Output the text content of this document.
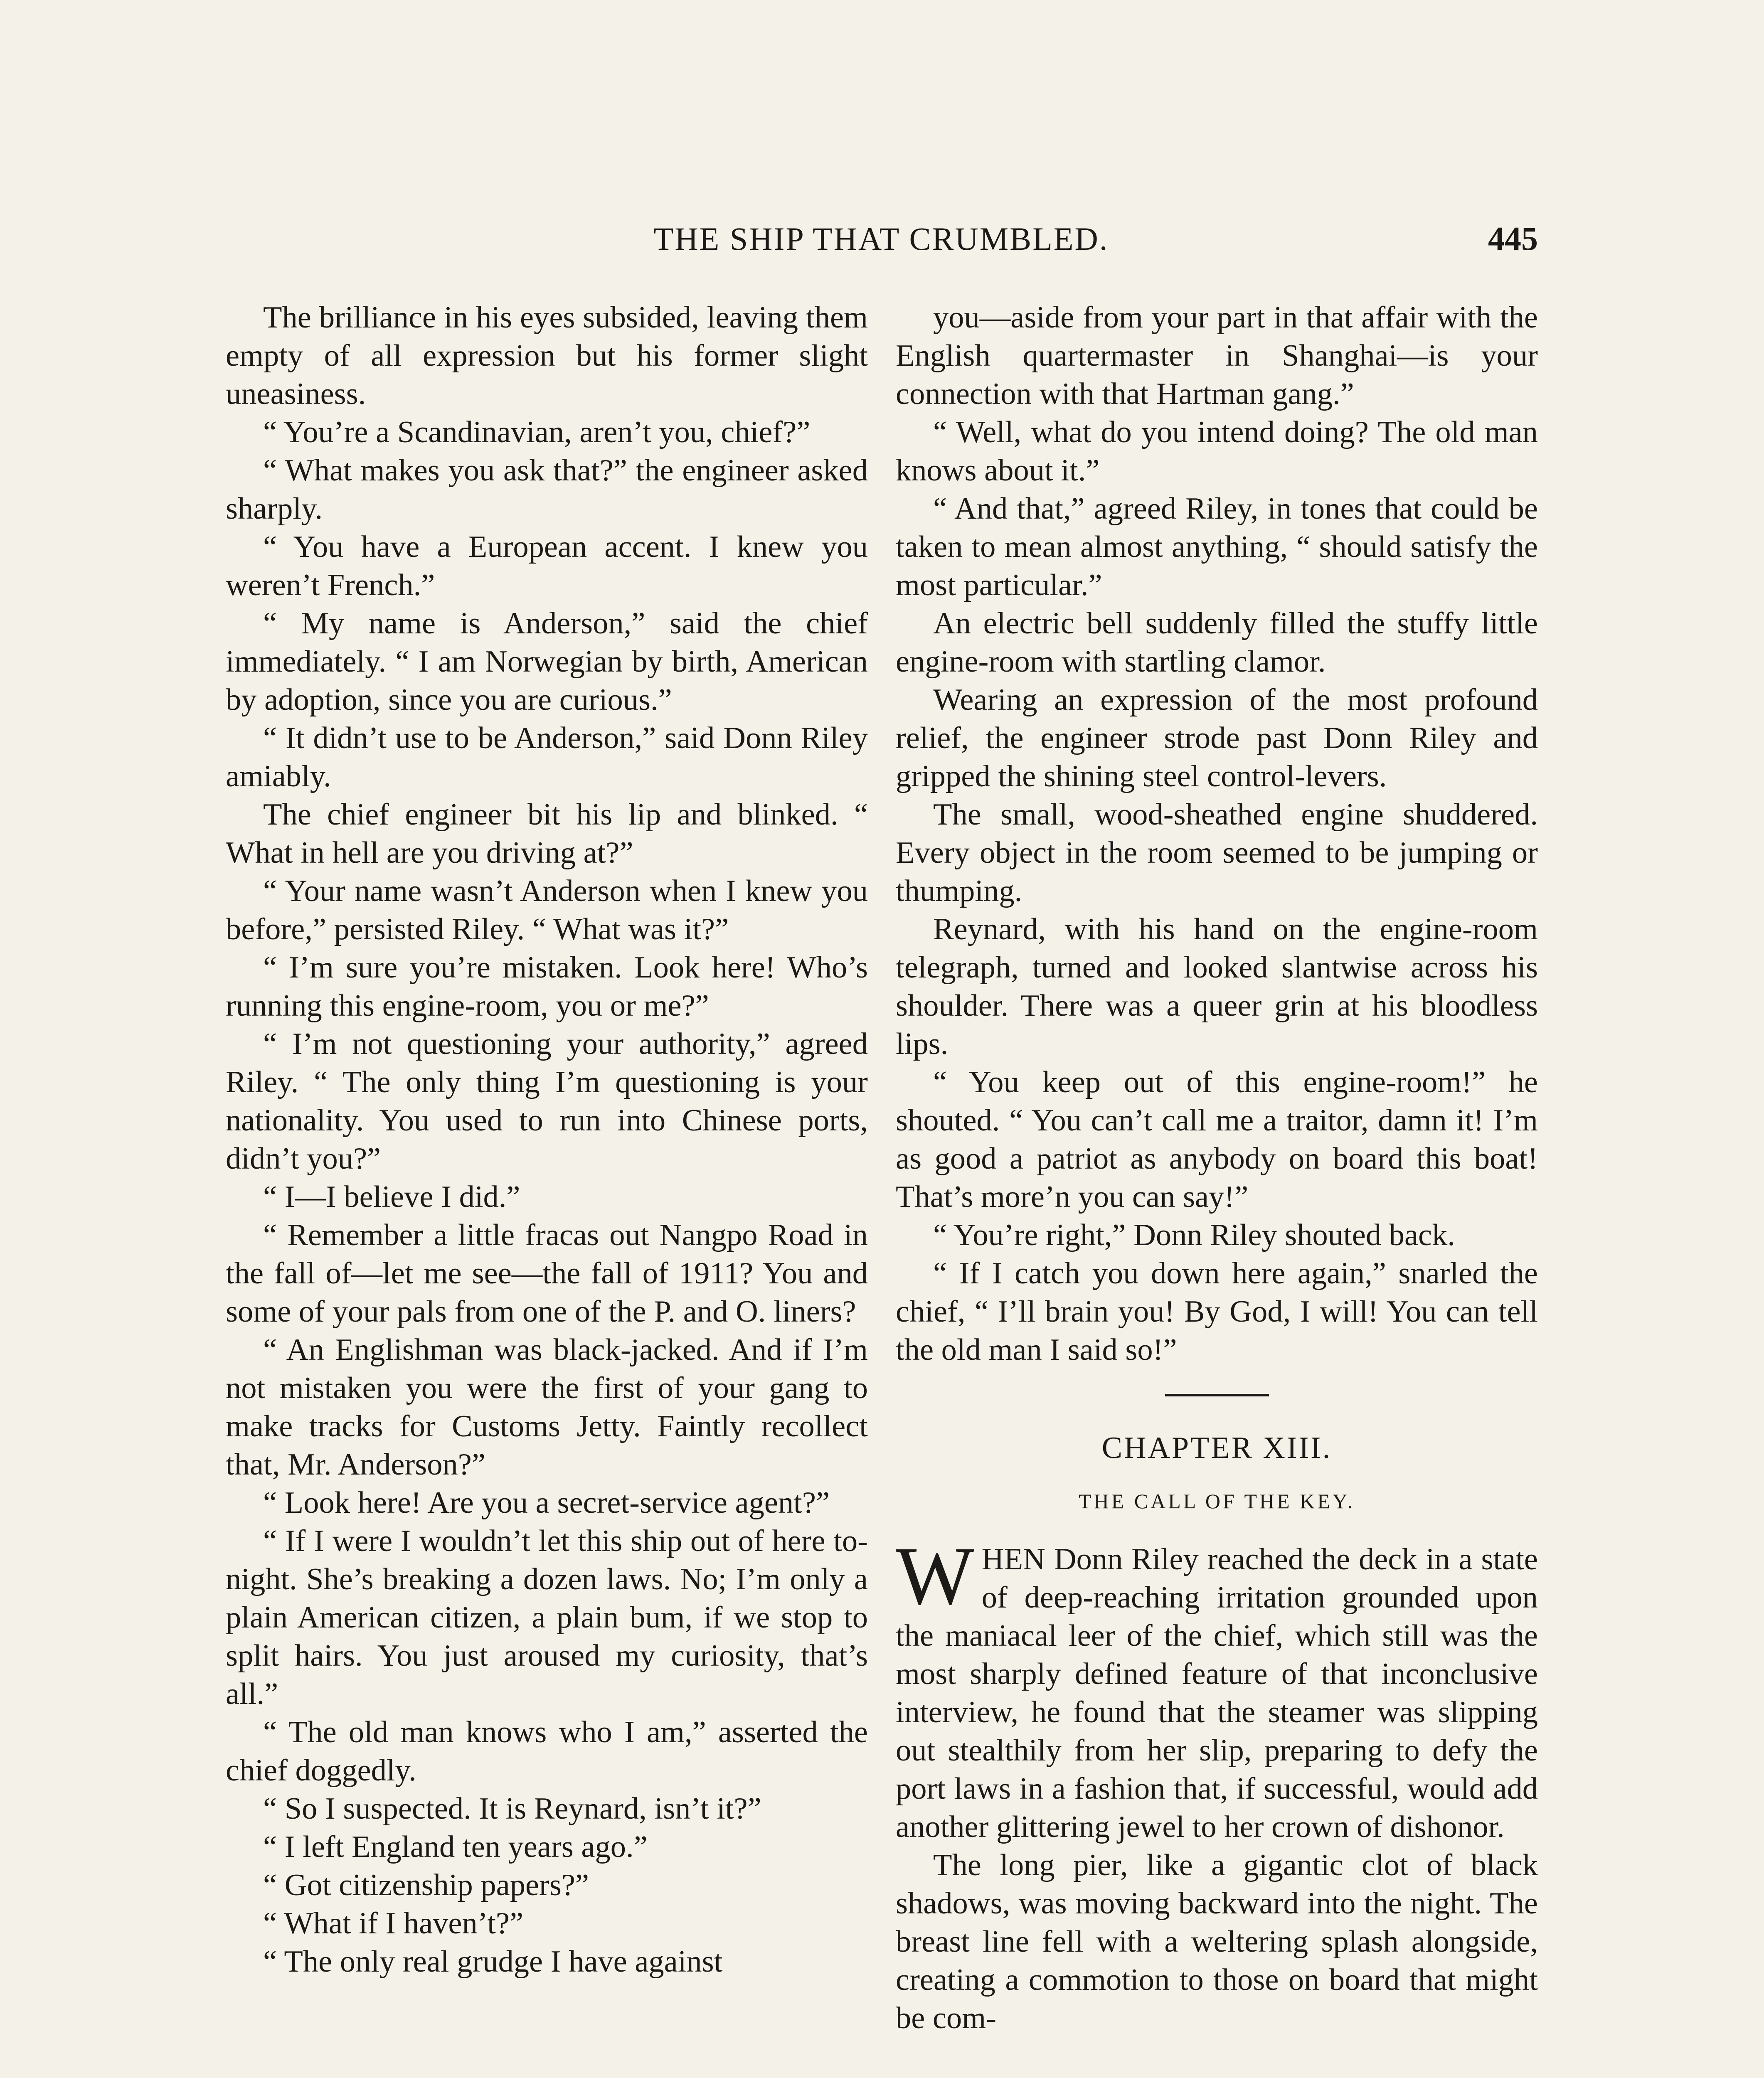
THE SHIP THAT CRUMBLED.	445

The brilliance in his eyes subsided, leaving them empty of all expression but his former slight uneasiness.

“ You’re a Scandinavian, aren’t you, chief?”

“ What makes you ask that?” the engineer asked sharply.

“ You have a European accent. I knew you weren’t French.”

“ My name is Anderson,” said the chief immediately. “ I am Norwegian by birth, American by adoption, since you are curious.”

“ It didn’t use to be Anderson,” said Donn Riley amiably.

The chief engineer bit his lip and blinked. “ What in hell are you driving at?”

“ Your name wasn’t Anderson when I knew you before,” persisted Riley. “ What was it?”

“ I’m sure you’re mistaken. Look here! Who’s running this engine-room, you or me?”

“ I’m not questioning your authority,” agreed Riley. “ The only thing I’m questioning is your nationality. You used to run into Chinese ports, didn’t you?”

“ I—I believe I did.”

“ Remember a little fracas out Nangpo Road in the fall of—let me see—the fall of 1911? You and some of your pals from one of the P. and O. liners?

“ An Englishman was black-jacked. And if I’m not mistaken you were the first of your gang to make tracks for Customs Jetty. Faintly recollect that, Mr. Anderson?”

“ Look here! Are you a secret-service agent?”

“ If I were I wouldn’t let this ship out of here to-night. She’s breaking a dozen laws. No; I’m only a plain American citizen, a plain bum, if we stop to split hairs. You just aroused my curiosity, that’s all.”

“ The old man knows who I am,” asserted the chief doggedly.

“ So I suspected. It is Reynard, isn’t it?”

“ I left England ten years ago.”

“ Got citizenship papers?”

“ What if I haven’t?”

“ The only real grudge I have against

you—aside from your part in that affair with the English quartermaster in Shanghai—is your connection with that Hartman gang.”

“ Well, what do you intend doing? The old man knows about it.”

“ And that,” agreed Riley, in tones that could be taken to mean almost anything, “ should satisfy the most particular.”

An electric bell suddenly filled the stuffy little engine-room with startling clamor.

Wearing an expression of the most profound relief, the engineer strode past Donn Riley and gripped the shining steel control-levers.

The small, wood-sheathed engine shuddered. Every object in the room seemed to be jumping or thumping.

Reynard, with his hand on the engine-room telegraph, turned and looked slantwise across his shoulder. There was a queer grin at his bloodless lips.

“ You keep out of this engine-room!” he shouted. “ You can’t call me a traitor, damn it! I’m as good a patriot as anybody on board this boat! That’s more’n you can say!”

“ You’re right,” Donn Riley shouted back.

“ If I catch you down here again,” snarled the chief, “ I’ll brain you! By God, I will! You can tell the old man I said so!”

CHAPTER XIII.
THE CALL OF THE KEY.

WHEN Donn Riley reached the deck in a state of deep-reaching irritation grounded upon the maniacal leer of the chief, which still was the most sharply defined feature of that inconclusive interview, he found that the steamer was slipping out stealthily from her slip, preparing to defy the port laws in a fashion that, if successful, would add another glittering jewel to her crown of dishonor.

The long pier, like a gigantic clot of black shadows, was moving backward into the night. The breast line fell with a weltering splash alongside, creating a commotion to those on board that might be com-
